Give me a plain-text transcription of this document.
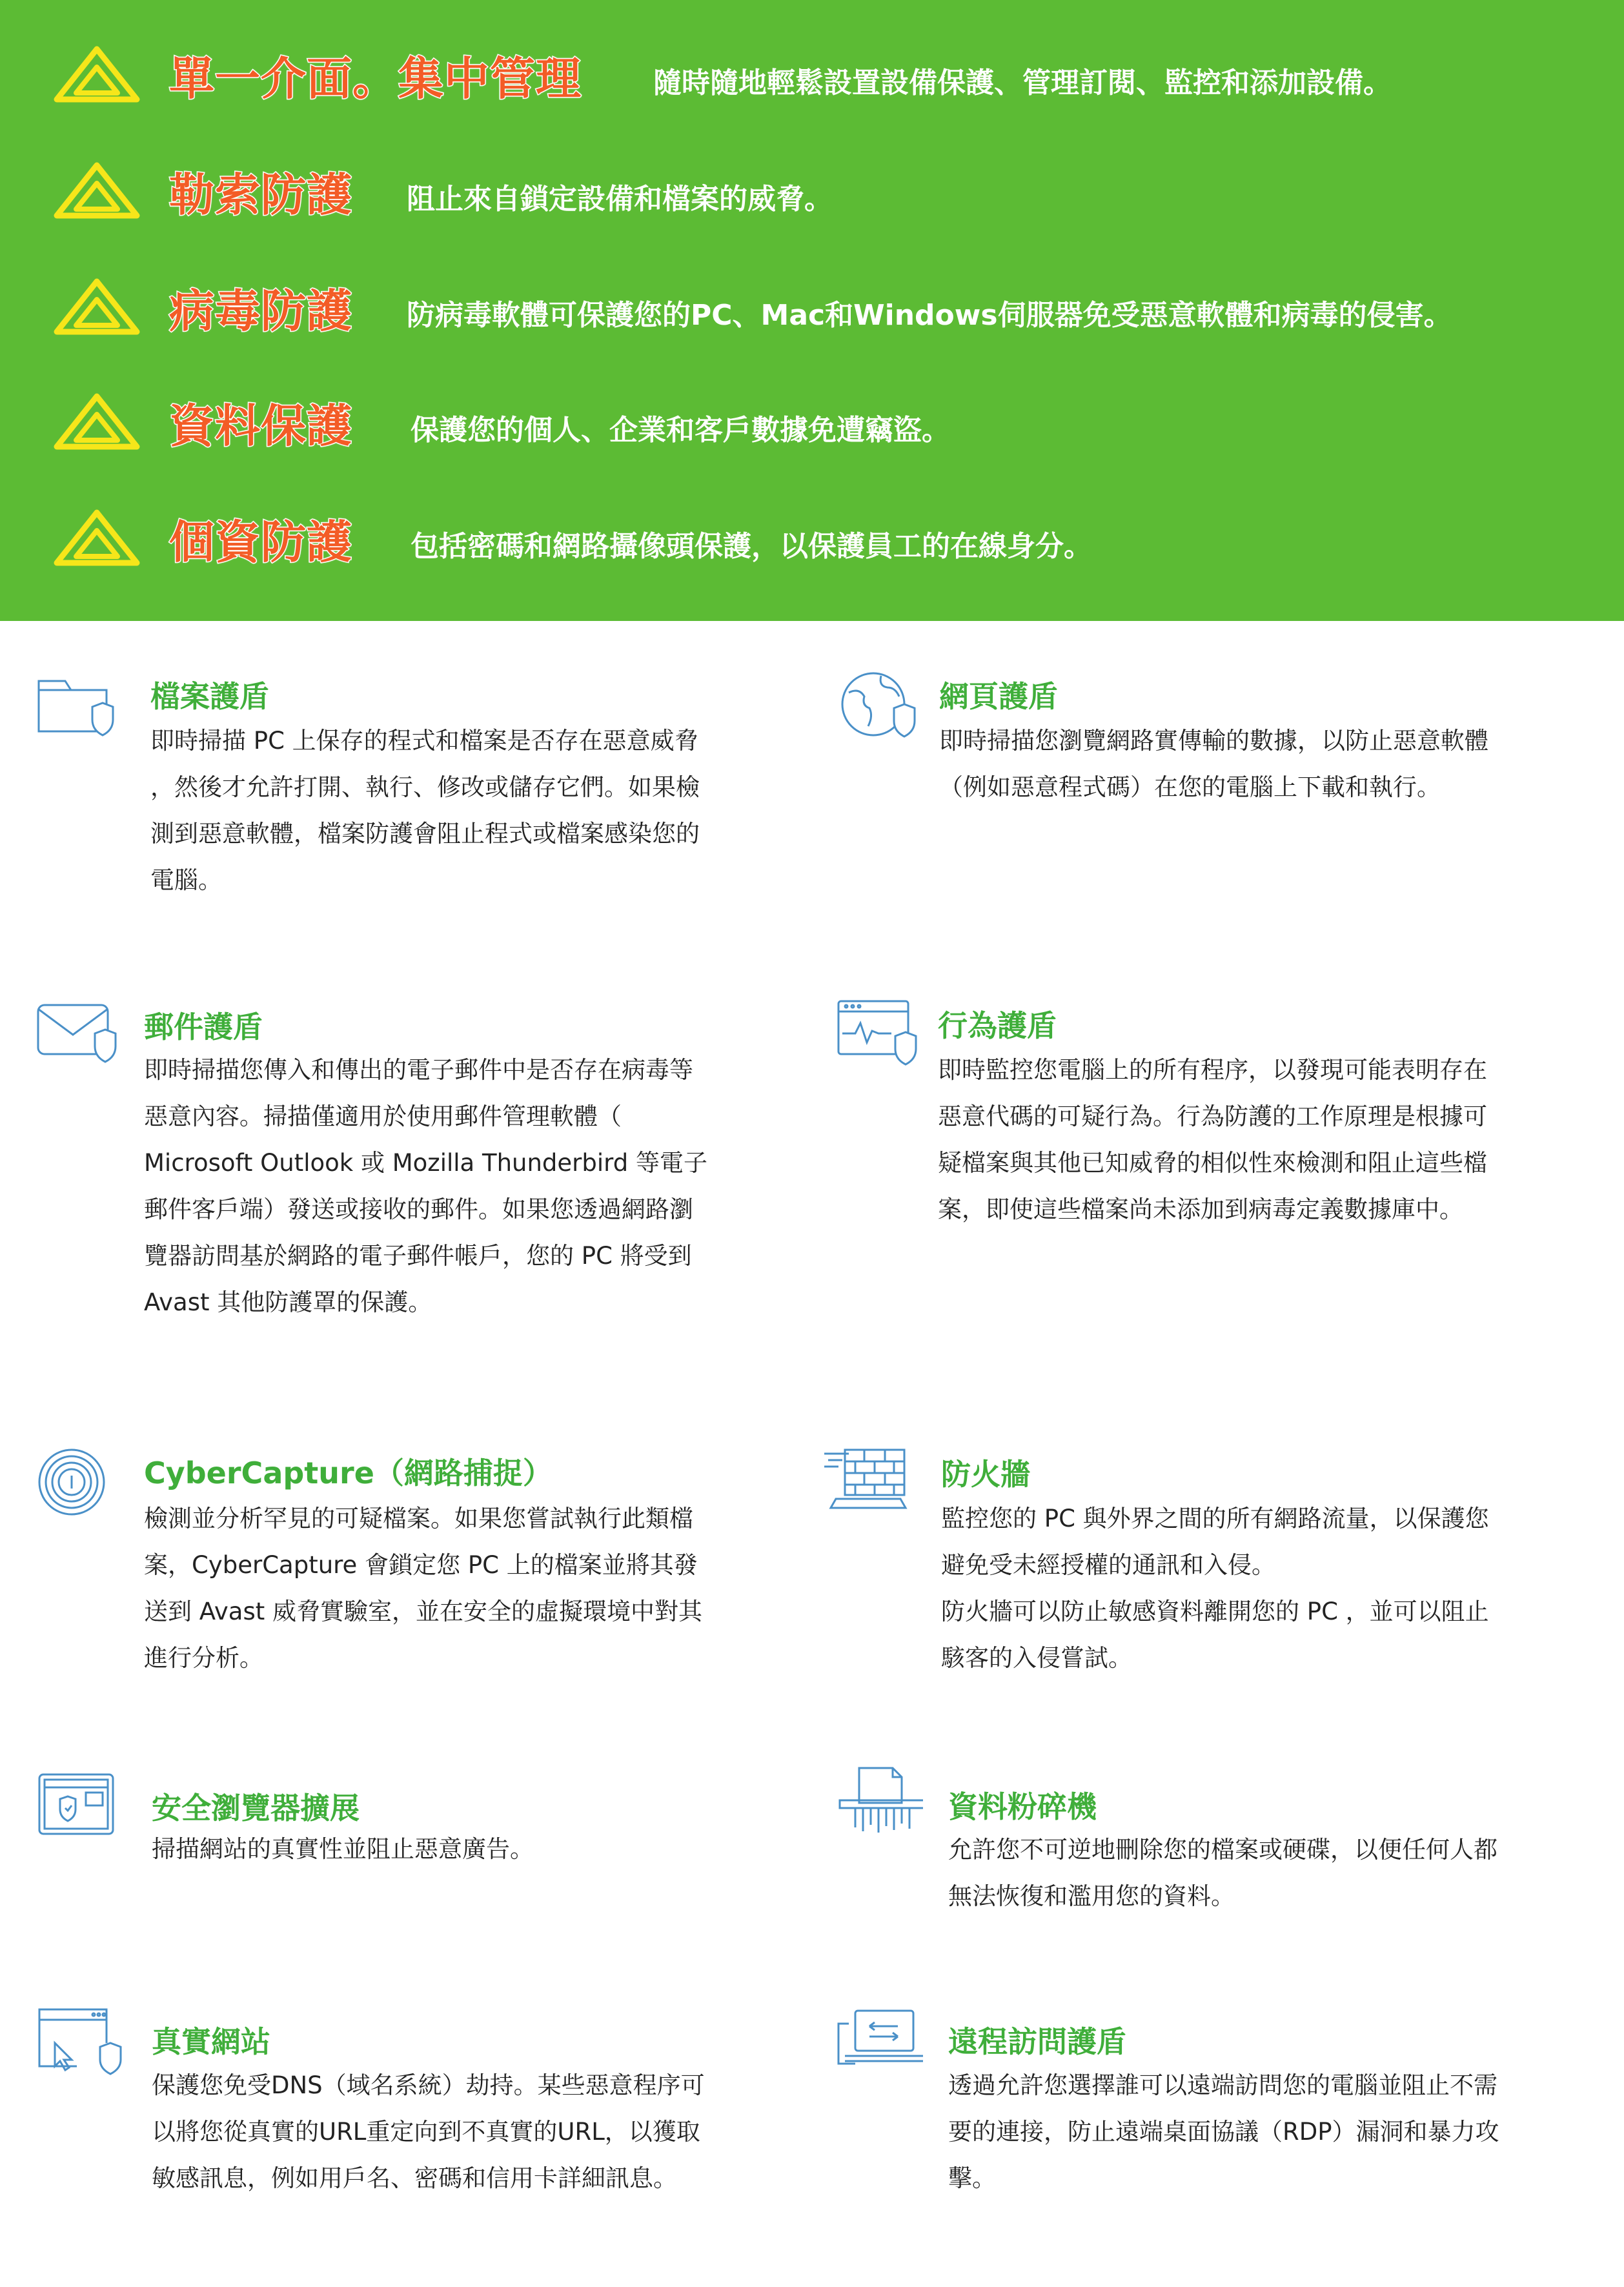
單一介面。集中管理	隨時隨地輕鬆設置設備保護、管理訂閱、監控和添加設備。
勒索防護 阻止來自鎖定設備和檔案的威脅。
病毒防護 防病毒軟體可保護您的PC、Mac和Windows伺服器免受惡意軟體和病毒的侵害。
資料保護 保護您的個人、企業和客戶數據免遭竊盜。
個資防護 包括密碼和網路攝像頭保護，以保護員工的在線身分。
檔案護盾
即時掃描 PC 上保存的程式和檔案是否存在惡意威脅
，然後才允許打開、執行、修改或儲存它們。如果檢
測到惡意軟體，檔案防護會阻止程式或檔案感染您的
電腦。
網頁護盾
即時掃描您瀏覽網路實傳輸的數據，以防止惡意軟體
（例如惡意程式碼）在您的電腦上下載和執行。
郵件護盾
即時掃描您傳入和傳出的電子郵件中是否存在病毒等
惡意內容。掃描僅適用於使用郵件管理軟體（
Microsoft Outlook 或 Mozilla Thunderbird 等電子
郵件客戶端）發送或接收的郵件。如果您透過網路瀏
覽器訪問基於網路的電子郵件帳戶，您的 PC 將受到
Avast 其他防護罩的保護。
行為護盾
即時監控您電腦上的所有程序，以發現可能表明存在
惡意代碼的可疑行為。行為防護的工作原理是根據可
疑檔案與其他已知威脅的相似性來檢測和阻止這些檔
案，即使這些檔案尚未添加到病毒定義數據庫中。
CyberCapture（網路捕捉）
檢測並分析罕見的可疑檔案。如果您嘗試執行此類檔
案，CyberCapture 會鎖定您 PC 上的檔案並將其發
送到 Avast 威脅實驗室，並在安全的虛擬環境中對其
進行分析。
防火牆
監控您的 PC 與外界之間的所有網路流量，以保護您
避免受未經授權的通訊和入侵。
防火牆可以防止敏感資料離開您的 PC ，並可以阻止
駭客的入侵嘗試。
安全瀏覽器擴展
掃描網站的真實性並阻止惡意廣告。
資料粉碎機
允許您不可逆地刪除您的檔案或硬碟，以便任何人都
無法恢復和濫用您的資料。
真實網站
保護您免受DNS（域名系統）劫持。某些惡意程序可
以將您從真實的URL重定向到不真實的URL，以獲取
敏感訊息，例如用戶名、密碼和信用卡詳細訊息。
遠程訪問護盾
透過允許您選擇誰可以遠端訪問您的電腦並阻止不需
要的連接，防止遠端桌面協議（RDP）漏洞和暴力攻
擊。
